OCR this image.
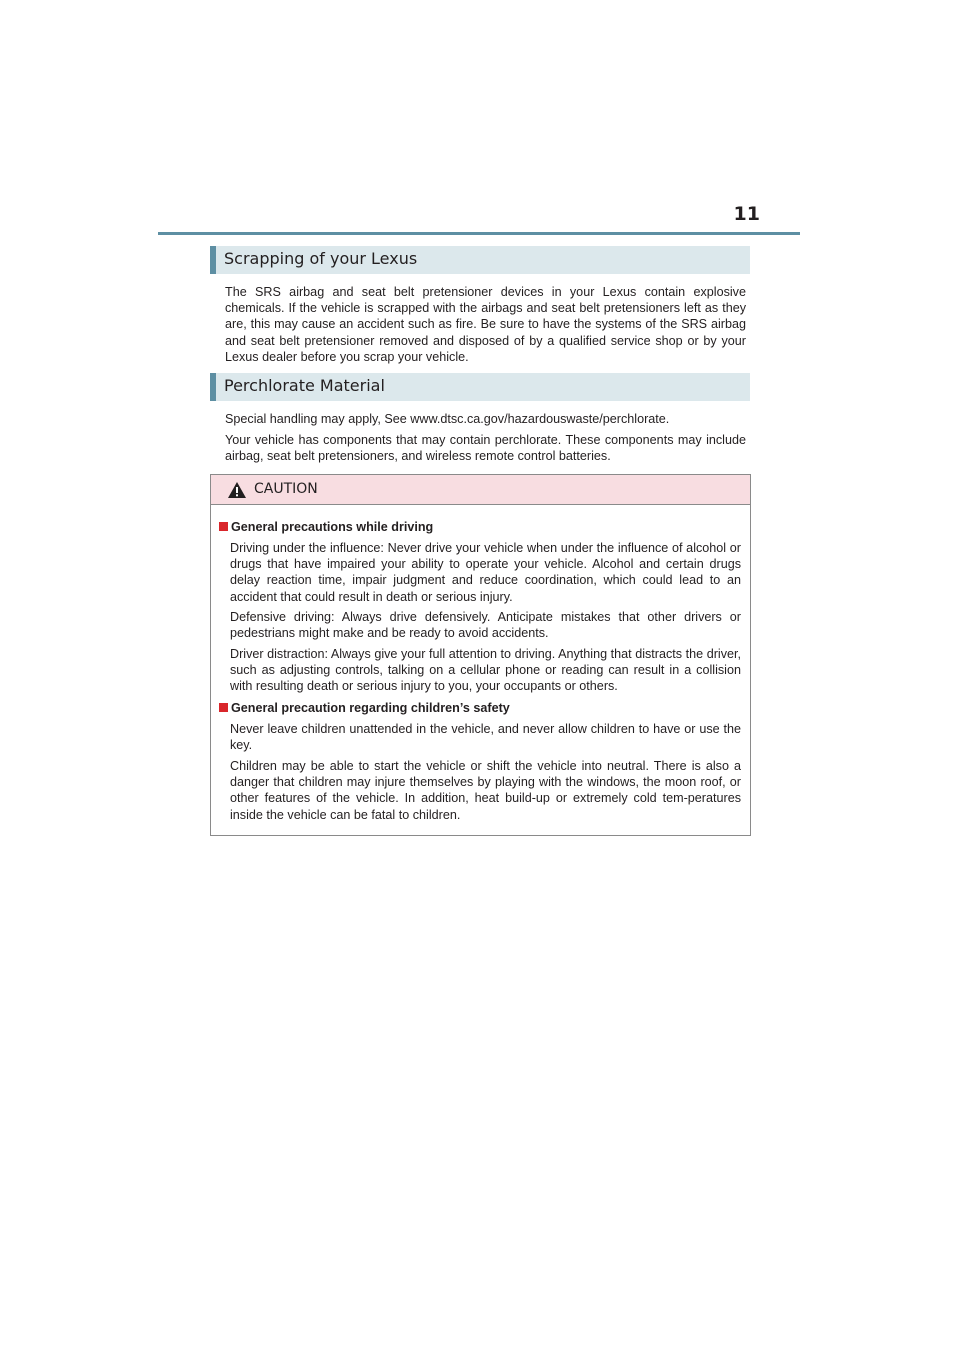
11
Scrapping of your Lexus

The SRS airbag and seat belt pretensioner devices in your Lexus contain explosive chemicals. If the vehicle is scrapped with the airbags and seat belt pretensioners left as they are, this may cause an accident such as fire. Be sure to have the systems of the SRS airbag and seat belt pretensioner removed and disposed of by a qualified service shop or by your Lexus dealer before you scrap your vehicle.

Perchlorate Material

Special handling may apply, See www.dtsc.ca.gov/hazardouswaste/perchlorate.

Your vehicle has components that may contain perchlorate. These components may include airbag, seat belt pretensioners, and wireless remote control batteries.

CAUTION
General precautions while driving

Driving under the influence: Never drive your vehicle when under the influence of alcohol or drugs that have impaired your ability to operate your vehicle. Alcohol and certain drugs delay reaction time, impair judgment and reduce coordination, which could lead to an accident that could result in death or serious injury.

Defensive driving: Always drive defensively. Anticipate mistakes that other drivers or pedestrians might make and be ready to avoid accidents.

Driver distraction: Always give your full attention to driving. Anything that distracts the driver, such as adjusting controls, talking on a cellular phone or reading can result in a collision with resulting death or serious injury to you, your occupants or others.

General precaution regarding children’s safety

Never leave children unattended in the vehicle, and never allow children to have or use the key.

Children may be able to start the vehicle or shift the vehicle into neutral. There is also a danger that children may injure themselves by playing with the windows, the moon roof, or other features of the vehicle. In addition, heat build-up or extremely cold tem-peratures inside the vehicle can be fatal to children.
